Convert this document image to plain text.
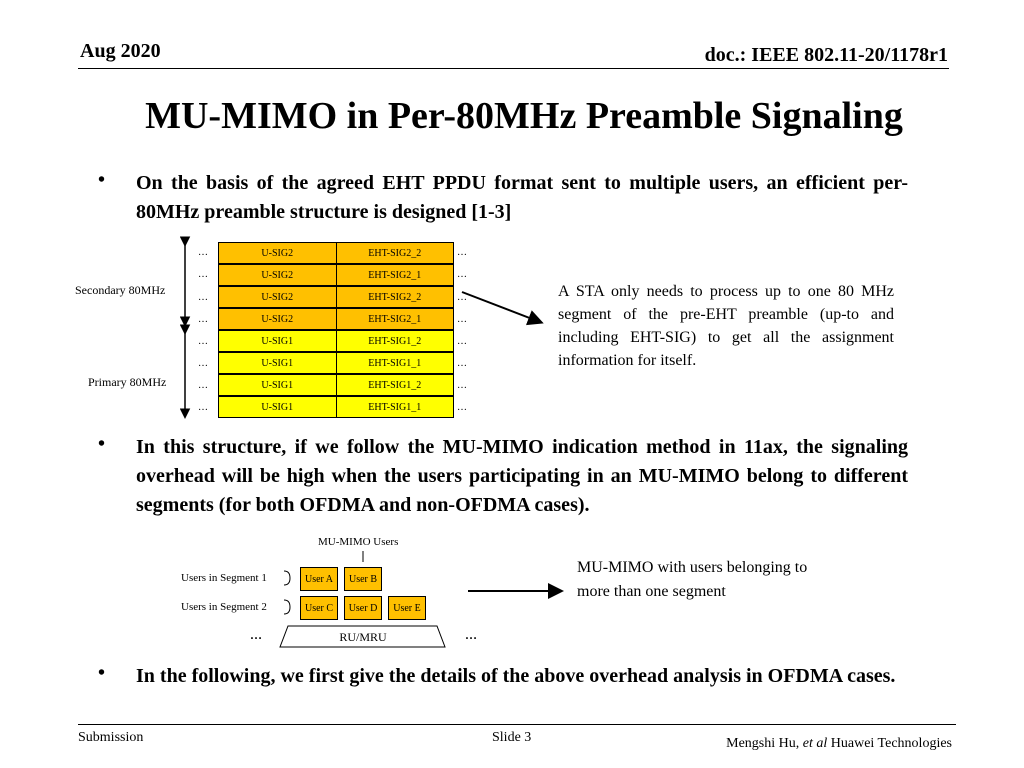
Aug 2020	doc.: IEEE 802.11-20/1178r1
MU-MIMO in Per-80MHz Preamble Signaling
• On the basis of the agreed EHT PPDU format sent to multiple users, an efficient per-80MHz preamble structure is designed [1-3]
Secondary 80MHz
Primary 80MHz
…
…
…
…
…
…
…
…
U-SIG2	EHT-SIG2_2
U-SIG2	EHT-SIG2_1
U-SIG2	EHT-SIG2_2
U-SIG2	EHT-SIG2_1
U-SIG1	EHT-SIG1_2
U-SIG1	EHT-SIG1_1
U-SIG1	EHT-SIG1_2
U-SIG1	EHT-SIG1_1
…
…
…
…
…
…
…
…
A STA only needs to process up to one 80 MHz segment of the pre-EHT preamble (up-to and including EHT-SIG) to get all the assignment information for itself.
• In this structure, if we follow the MU-MIMO indication method in 11ax, the signaling overhead will be high when the users participating in an MU-MIMO belong to different segments (for both OFDMA and non-OFDMA cases).
MU-MIMO Users
Users in Segment 1
Users in Segment 2
User A	User B
User C	User D	User E
…	RU/MRU	…
MU-MIMO with users belonging to more than one segment
• In the following, we first give the details of the above overhead analysis in OFDMA cases.
Submission	Slide 3	Mengshi Hu, et al Huawei Technologies
